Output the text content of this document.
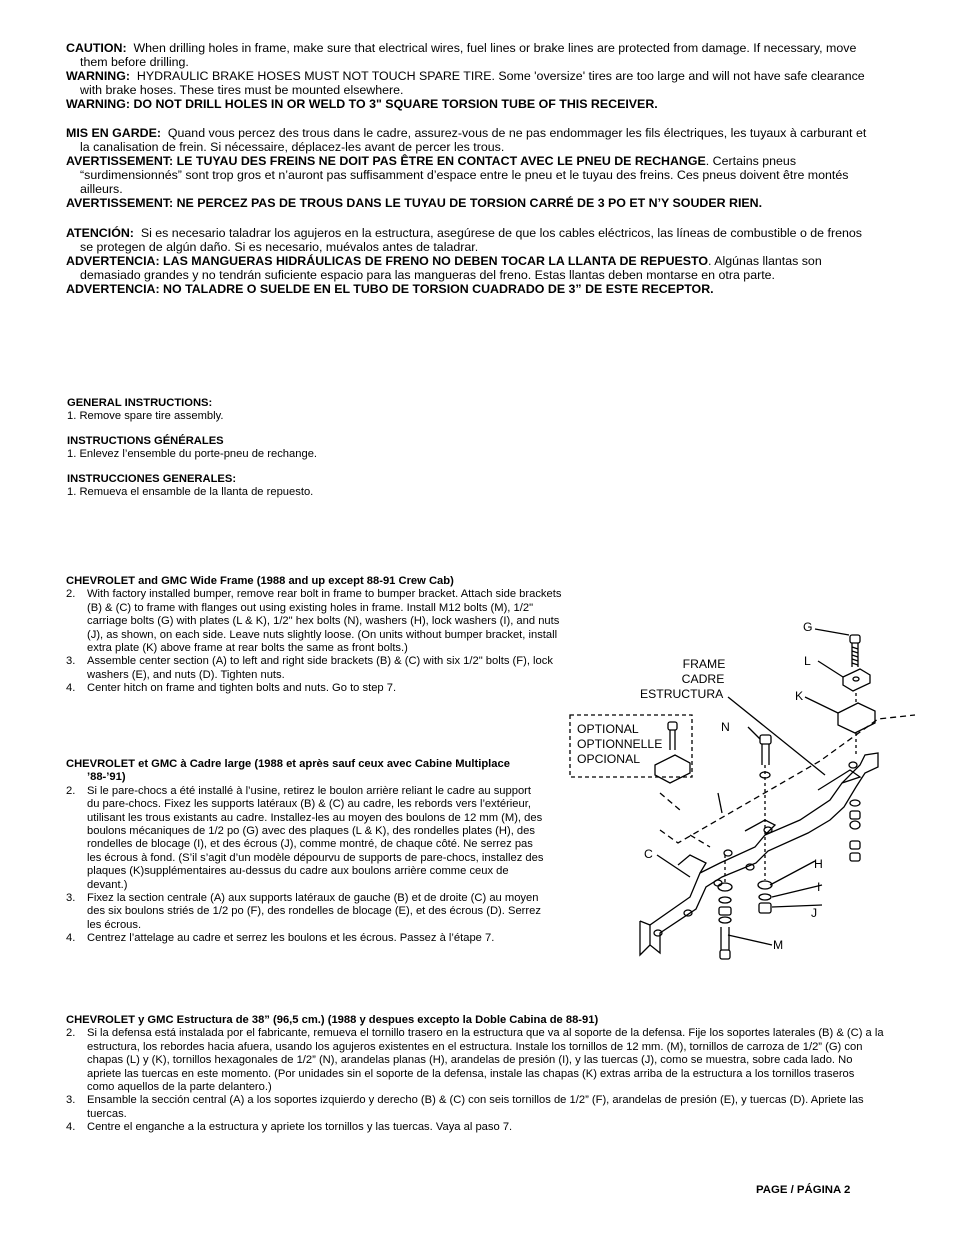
CAUTION: When drilling holes in frame, make sure that electrical wires, fuel lines or brake lines are protected from damage. If necessary, move them before drilling.

WARNING: HYDRAULIC BRAKE HOSES MUST NOT TOUCH SPARE TIRE. Some 'oversize' tires are too large and will not have safe clearance with brake hoses. These tires must be mounted elsewhere.

WARNING: DO NOT DRILL HOLES IN OR WELD TO 3" SQUARE TORSION TUBE OF THIS RECEIVER.

MIS EN GARDE: Quand vous percez des trous dans le cadre, assurez-vous de ne pas endommager les fils électriques, les tuyaux à carburant et la canalisation de frein. Si nécessaire, déplacez-les avant de percer les trous.

AVERTISSEMENT: LE TUYAU DES FREINS NE DOIT PAS ÊTRE EN CONTACT AVEC LE PNEU DE RECHANGE. Certains pneus “surdimensionnés” sont trop gros et n’auront pas suffisamment d’espace entre le pneu et le tuyau des freins. Ces pneus doivent être montés ailleurs.

AVERTISSEMENT: NE PERCEZ PAS DE TROUS DANS LE TUYAU DE TORSION CARRÉ DE 3 PO ET N’Y SOUDER RIEN.

ATENCIÓN: Si es necesario taladrar los agujeros en la estructura, asegúrese de que los cables eléctricos, las líneas de combustible o de frenos se protegen de algún daño. Si es necesario, muévalos antes de taladrar.

ADVERTENCIA: LAS MANGUERAS HIDRÁULICAS DE FRENO NO DEBEN TOCAR LA LLANTA DE REPUESTO. Algúnas llantas son demasiado grandes y no tendrán suficiente espacio para las mangueras del freno. Estas llantas deben montarse en otra parte.

ADVERTENCIA: NO TALADRE O SUELDE EN EL TUBO DE TORSION CUADRADO DE 3” DE ESTE RECEPTOR.

GENERAL INSTRUCTIONS:
1. Remove spare tire assembly.
INSTRUCTIONS GÉNÉRALES
1. Enlevez l’ensemble du porte-pneu de rechange.
INSTRUCCIONES GENERALES:
1. Remueva el ensamble de la llanta de repuesto.
CHEVROLET and GMC Wide Frame (1988 and up except 88-91 Crew Cab)
2.	With factory installed bumper, remove rear bolt in frame to bumper bracket. Attach side brackets (B) & (C) to frame with flanges out using existing holes in frame. Install M12 bolts (M), 1/2" carriage bolts (G) with plates (L & K), 1/2" hex bolts (N), washers (H), lock washers (I), and nuts (J), as shown, on each side. Leave nuts slightly loose. (On units without bumper bracket, install extra plate (K) above frame at rear bolts the same as front bolts.)
3.	Assemble center section (A) to left and right side brackets (B) & (C) with six 1/2" bolts (F), lock washers (E), and nuts (D). Tighten nuts.
4.	Center hitch on frame and tighten bolts and nuts. Go to step 7.
CHEVROLET et GMC à Cadre large (1988 et après sauf ceux avec Cabine Multiplace ’88-’91)
2.	Si le pare-chocs a été installé à l’usine, retirez le boulon arrière reliant le cadre au support du pare-chocs. Fixez les supports latéraux (B) & (C) au cadre, les rebords vers l’extérieur, utilisant les trous existants au cadre. Installez-les au moyen des boulons de 12 mm (M), des boulons mécaniques de 1/2 po (G) avec des plaques (L & K), des rondelles plates (H), des rondelles de blocage (I), et des écrous (J), comme montré, de chaque côté. Ne serrez pas les écrous à fond. (S’il s’agit d’un modèle dépourvu de supports de pare-chocs, installez des plaques (K)supplémentaires au-dessus du cadre aux boulons arrière comme ceux de devant.)
3.	Fixez la section centrale (A) aux supports latéraux de gauche (B) et de droite (C) au moyen des six boulons striés de 1/2 po (F), des rondelles de blocage (E), et des écrous (D). Serrez les écrous.
4.	Centrez l’attelage au cadre et serrez les boulons et les écrous. Passez à l’étape 7.
CHEVROLET y GMC Estructura de 38” (96,5 cm.) (1988 y despues excepto la Doble Cabina de 88-91)
2.	Si la defensa está instalada por el fabricante, remueva el tornillo trasero en la estructura que va al soporte de la defensa. Fije los soportes laterales (B) & (C) a la estructura, los rebordes hacia afuera, usando los agujeros existentes en el estructura. Instale los tornillos de 12 mm. (M), tornillos de carroza de 1/2” (G) con chapas (L) y (K), tornillos hexagonales de 1/2” (N), arandelas planas (H), arandelas de presión (I), y las tuercas (J), como se muestra, sobre cada lado. No apriete las tuercas en este momento. (Por unidades sin el soporte de la defensa, instale las chapas (K) extras arriba de la estructura a los tornillos traseros como aquellos de la parte delantero.)
3.	Ensamble la sección central (A) a los soportes izquierdo y derecho (B) & (C) con seis tornillos de 1/2” (F), arandelas de presión (E), y tuercas (D). Apriete las tuercas.
4.	Centre el enganche a la estructura y apriete los tornillos y las tuercas. Vaya al paso 7.
FRAME
CADRE
ESTRUCTURA
OPTIONAL
OPTIONNELLE
OPCIONAL
G
L
K
N
C
H
I
J
M
PAGE / PÁGINA 2
